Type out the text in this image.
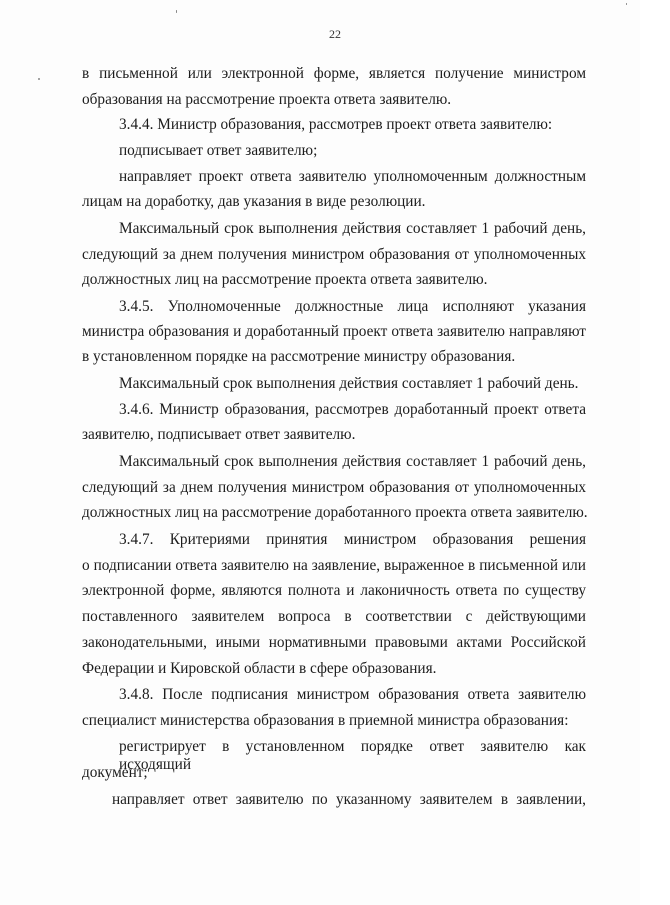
22
в письменной или электронной форме, является получение министром
образования на рассмотрение проекта ответа заявителю.
3.4.4. Министр образования, рассмотрев проект ответа заявителю:
подписывает ответ заявителю;
направляет проект ответа заявителю уполномоченным должностным
лицам на доработку, дав указания в виде резолюции.
Максимальный срок выполнения действия составляет 1 рабочий день,
следующий за днем получения министром образования от уполномоченных
должностных лиц на рассмотрение проекта ответа заявителю.
3.4.5. Уполномоченные должностные лица исполняют указания
министра образования и доработанный проект ответа заявителю направляют
в установленном порядке на рассмотрение министру образования.
Максимальный срок выполнения действия составляет 1 рабочий день.
3.4.6. Министр образования, рассмотрев доработанный проект ответа
заявителю, подписывает ответ заявителю.
Максимальный срок выполнения действия составляет 1 рабочий день,
следующий за днем получения министром образования от уполномоченных
должностных лиц на рассмотрение доработанного проекта ответа заявителю.
3.4.7. Критериями принятия министром образования решения
о подписании ответа заявителю на заявление, выраженное в письменной или
электронной форме, являются полнота и лаконичность ответа по существу
поставленного заявителем вопроса в соответствии с действующими
законодательными, иными нормативными правовыми актами Российской
Федерации и Кировской области в сфере образования.
3.4.8. После подписания министром образования ответа заявителю
специалист министерства образования в приемной министра образования:
регистрирует в установленном порядке ответ заявителю как исходящий
документ;
направляет ответ заявителю по указанному заявителем в заявлении,
